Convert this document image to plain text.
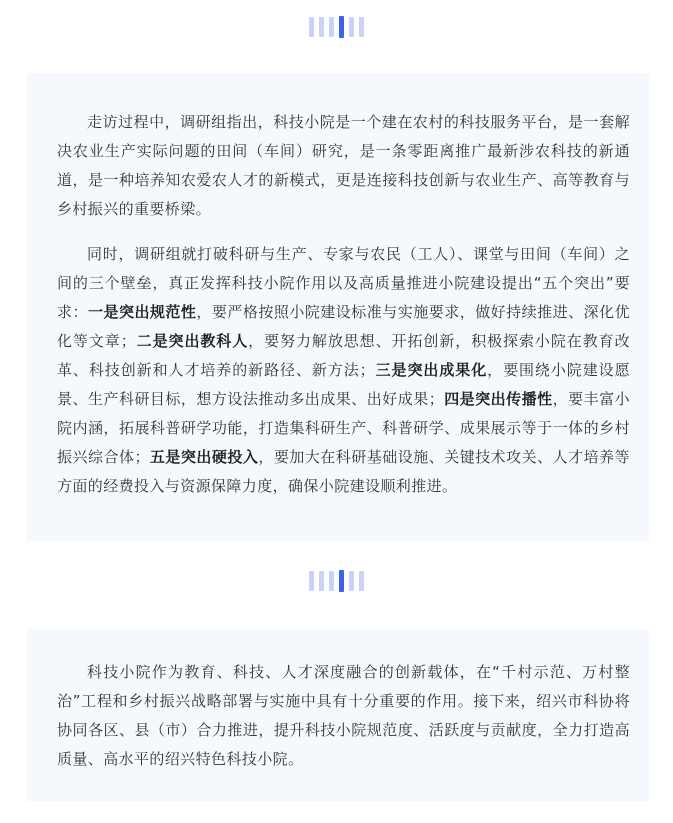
走访过程中，调研组指出，科技小院是一个建在农村的科技服务平台，是一套解决农业生产实际问题的田间（车间）研究，是一条零距离推广最新涉农科技的新通道，是一种培养知农爱农人才的新模式，更是连接科技创新与农业生产、高等教育与乡村振兴的重要桥梁。

同时，调研组就打破科研与生产、专家与农民（工人）、课堂与田间（车间）之间的三个壁垒，真正发挥科技小院作用以及高质量推进小院建设提出“五个突出”要求：一是突出规范性，要严格按照小院建设标准与实施要求，做好持续推进、深化优化等文章；二是突出教科人，要努力解放思想、开拓创新，积极探索小院在教育改革、科技创新和人才培养的新路径、新方法；三是突出成果化，要围绕小院建设愿景、生产科研目标，想方设法推动多出成果、出好成果；四是突出传播性，要丰富小院内涵，拓展科普研学功能，打造集科研生产、科普研学、成果展示等于一体的乡村振兴综合体；五是突出硬投入，要加大在科研基础设施、关键技术攻关、人才培养等方面的经费投入与资源保障力度，确保小院建设顺利推进。

科技小院作为教育、科技、人才深度融合的创新载体，在“千村示范、万村整治”工程和乡村振兴战略部署与实施中具有十分重要的作用。接下来，绍兴市科协将协同各区、县（市）合力推进，提升科技小院规范度、活跃度与贡献度，全力打造高质量、高水平的绍兴特色科技小院。
